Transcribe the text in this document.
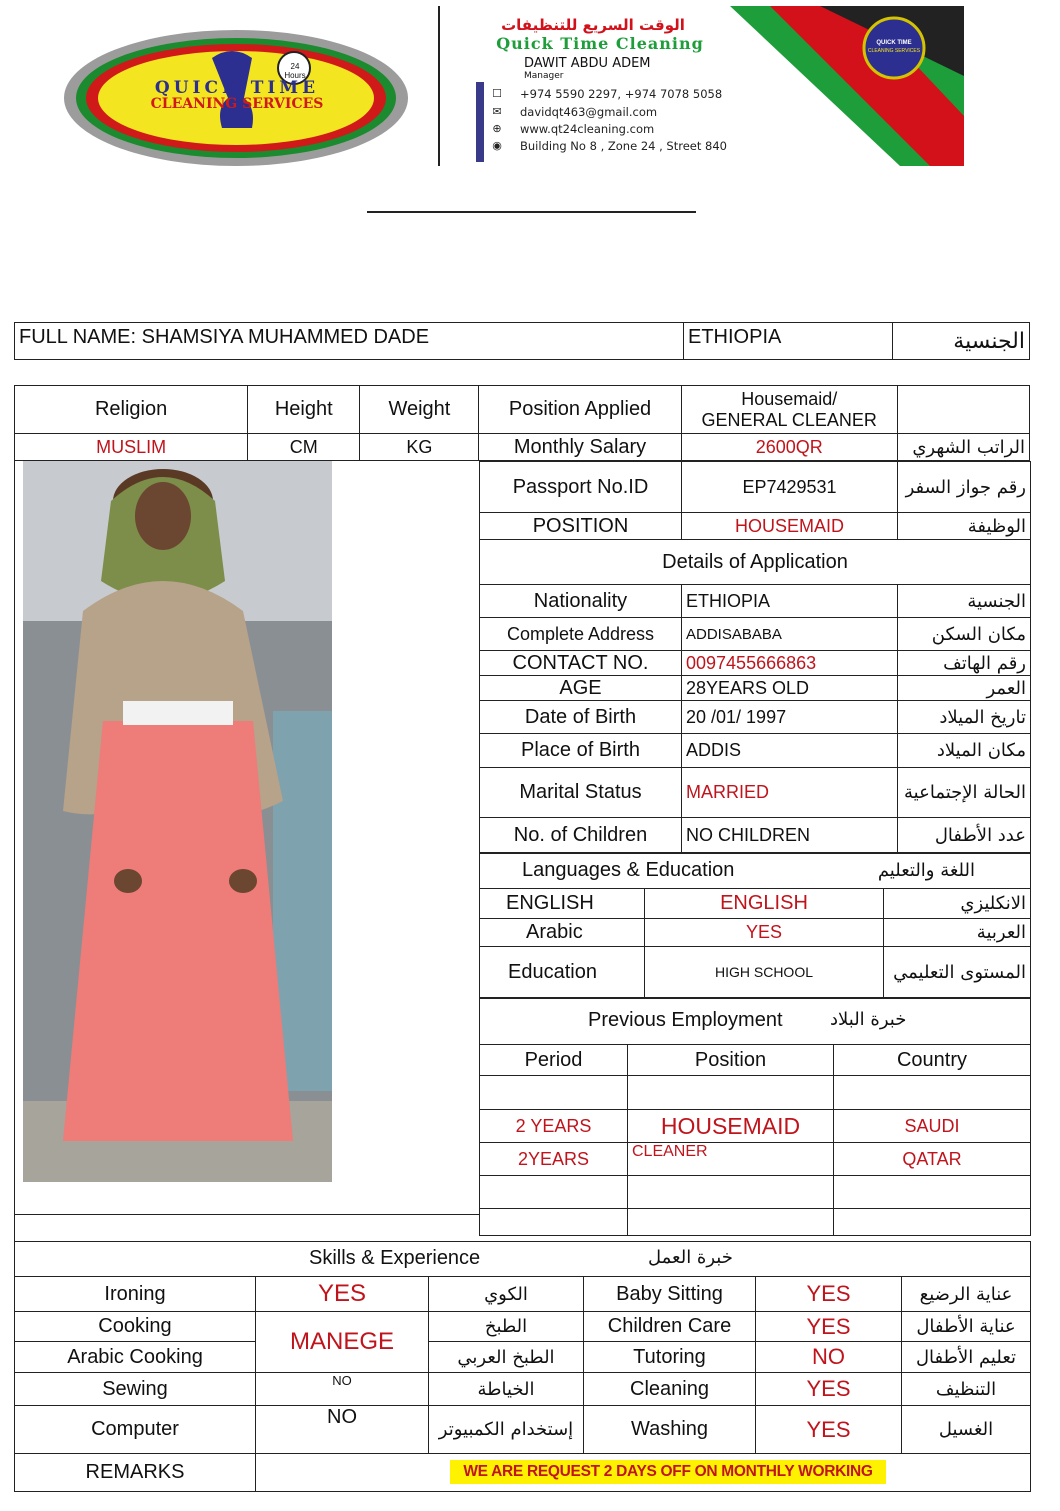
QUICK TIME
CLEANING SERVICES
24 Hours
الوقت السريع للتنظيفات
Quick Time Cleaning
DAWIT ABDU ADEM
Manager
☐ +974 5590 2297, +974 7078 5058
✉ davidqt463@gmail.com
⊕ www.qt24cleaning.com
◉ Building No 8 , Zone 24 , Street 840
QUICK TIME
CLEANING SERVICES
FULL NAME: SHAMSIYA MUHAMMED DADE	ETHIOPIA	الجنسية
Religion	Height	Weight	Position Applied	Housemaid/
GENERAL CLEANER	
MUSLIM	CM	KG	Monthly Salary	2600QR	الراتب الشهري
Passport No.ID	EP7429531	رقم جواز السفر
POSITION	HOUSEMAID	الوظيفة
Details of Application		
Nationality	ETHIOPIA	الجنسية
Complete Address	ADDISABABA	مكان السكن
CONTACT NO.	0097455666863	رقم الهاتف
AGE	28YEARS OLD	العمر
Date of Birth	20 /01/ 1997	تاريخ الميلاد
Place of Birth	ADDIS	مكان الميلاد
Marital Status	MARRIED	الحالة الإجتماعية
No. of Children	NO CHILDREN	عدد الأطفال
Languages & Education اللغة والتعليم		

ENGLISH	ENGLISH	الانكليزي
Arabic	YES	العربية
Education	HIGH SCHOOL	المستوى التعليمي
Previous Employment خبرة البلاد		

Period	Position	Country

2 YEARS	HOUSEMAID	SAUDI
2YEARS	CLEANER	QATAR

Skills & Experience خبرة العمل					

Ironing	YES	الكوي	Baby Sitting	YES	عناية الرضيع
Cooking	MANEGE	الطبخ	Children Care	YES	عناية الأطفال
Arabic Cooking		الطبخ العربي	Tutoring	NO	تعليم الأطفال
Sewing	NO	الخياطة	Cleaning	YES	التنظيف
Computer	NO	إستخدام الكمبيوتر	Washing	YES	الغسيل
REMARKS	WE ARE REQUEST 2 DAYS OFF ON MONTHLY WORKING				
